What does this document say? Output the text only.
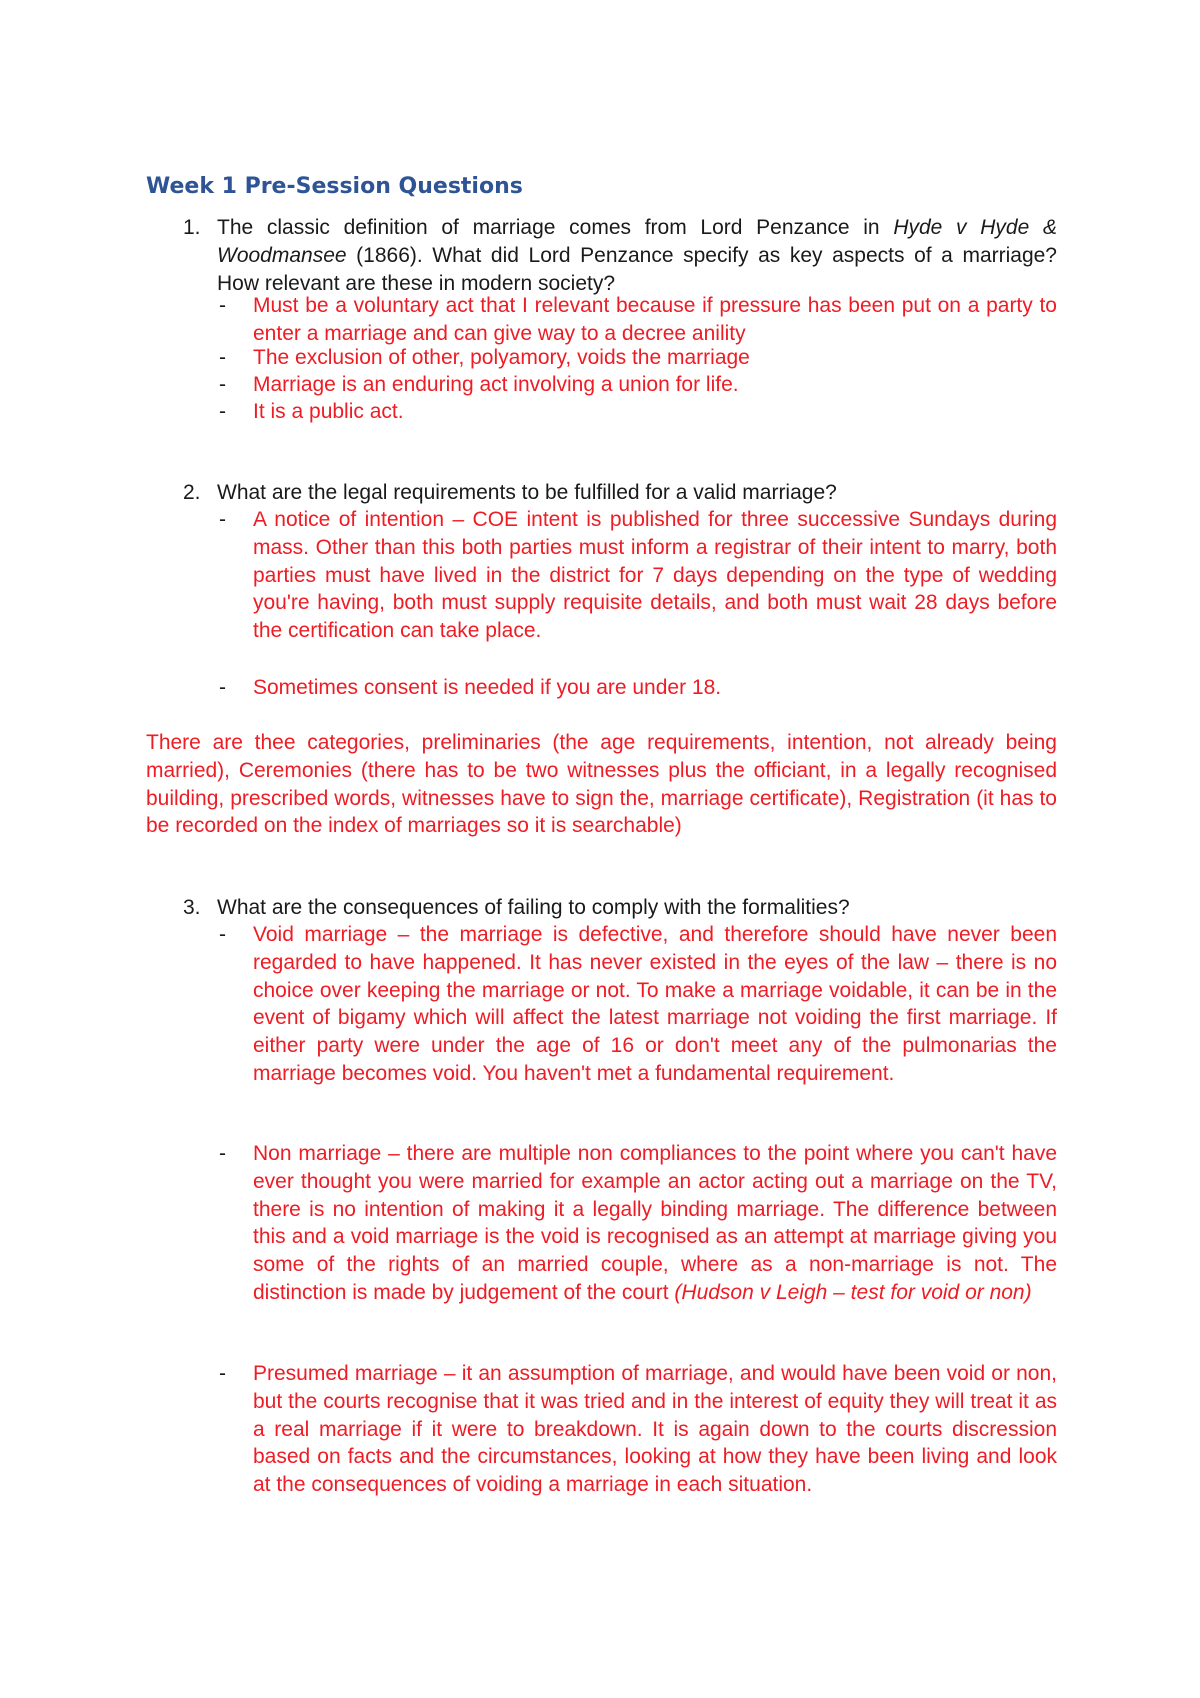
Week 1 Pre-Session Questions
1. The classic definition of marriage comes from Lord Penzance in Hyde v Hyde & Woodmansee (1866). What did Lord Penzance specify as key aspects of a marriage? How relevant are these in modern society?
- Must be a voluntary act that I relevant because if pressure has been put on a party to enter a marriage and can give way to a decree anility
- The exclusion of other, polyamory, voids the marriage
- Marriage is an enduring act involving a union for life.
- It is a public act.
2. What are the legal requirements to be fulfilled for a valid marriage?
- A notice of intention – COE intent is published for three successive Sundays during mass. Other than this both parties must inform a registrar of their intent to marry, both parties must have lived in the district for 7 days depending on the type of wedding you're having, both must supply requisite details, and both must wait 28 days before the certification can take place.
- Sometimes consent is needed if you are under 18.
There are thee categories, preliminaries (the age requirements, intention, not already being married), Ceremonies (there has to be two witnesses plus the officiant, in a legally recognised building, prescribed words, witnesses have to sign the, marriage certificate), Registration (it has to be recorded on the index of marriages so it is searchable)
3. What are the consequences of failing to comply with the formalities?
- Void marriage – the marriage is defective, and therefore should have never been regarded to have happened. It has never existed in the eyes of the law – there is no choice over keeping the marriage or not. To make a marriage voidable, it can be in the event of bigamy which will affect the latest marriage not voiding the first marriage. If either party were under the age of 16 or don't meet any of the pulmonarias the marriage becomes void. You haven't met a fundamental requirement.
- Non marriage – there are multiple non compliances to the point where you can't have ever thought you were married for example an actor acting out a marriage on the TV, there is no intention of making it a legally binding marriage. The difference between this and a void marriage is the void is recognised as an attempt at marriage giving you some of the rights of an married couple, where as a non-marriage is not. The distinction is made by judgement of the court (Hudson v Leigh – test for void or non)
- Presumed marriage – it an assumption of marriage, and would have been void or non, but the courts recognise that it was tried and in the interest of equity they will treat it as a real marriage if it were to breakdown. It is again down to the courts discression based on facts and the circumstances, looking at how they have been living and look at the consequences of voiding a marriage in each situation.
